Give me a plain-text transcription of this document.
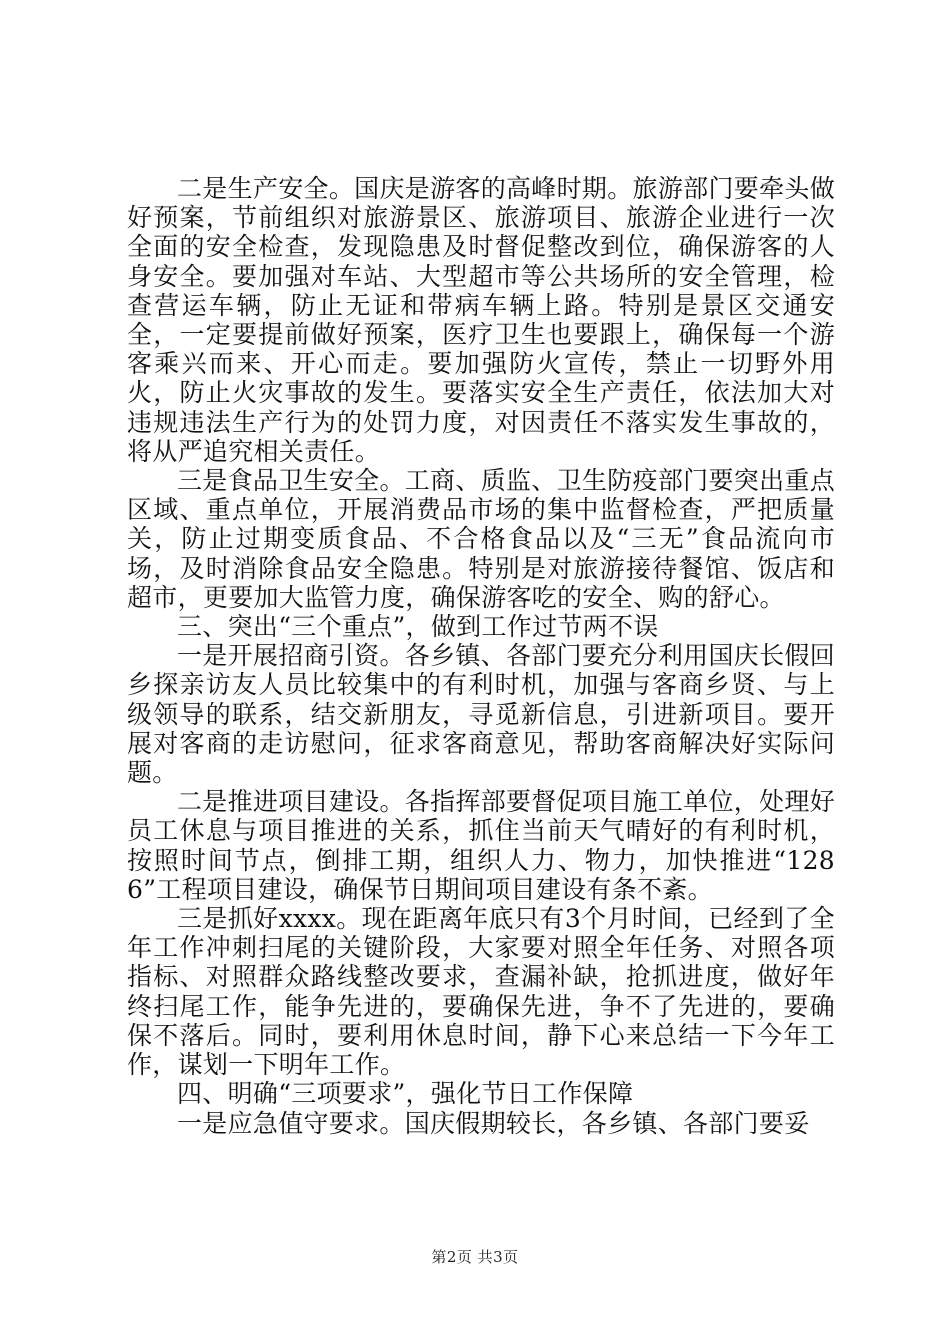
二是生产安全。国庆是游客的高峰时期。旅游部门要牵头做好预案，节前组织对旅游景区、旅游项目、旅游企业进行一次全面的安全检查，发现隐患及时督促整改到位，确保游客的人身安全。要加强对车站、大型超市等公共场所的安全管理，检查营运车辆，防止无证和带病车辆上路。特别是景区交通安全，一定要提前做好预案，医疗卫生也要跟上，确保每一个游客乘兴而来、开心而走。要加强防火宣传，禁止一切野外用火，防止火灾事故的发生。要落实安全生产责任，依法加大对违规违法生产行为的处罚力度，对因责任不落实发生事故的，将从严追究相关责任。

三是食品卫生安全。工商、质监、卫生防疫部门要突出重点区域、重点单位，开展消费品市场的集中监督检查，严把质量关，防止过期变质食品、不合格食品以及“三无”食品流向市场，及时消除食品安全隐患。特别是对旅游接待餐馆、饭店和超市，更要加大监管力度，确保游客吃的安全、购的舒心。

三、突出“三个重点”，做到工作过节两不误

一是开展招商引资。各乡镇、各部门要充分利用国庆长假回乡探亲访友人员比较集中的有利时机，加强与客商乡贤、与上级领导的联系，结交新朋友，寻觅新信息，引进新项目。要开展对客商的走访慰问，征求客商意见，帮助客商解决好实际问题。

二是推进项目建设。各指挥部要督促项目施工单位，处理好员工休息与项目推进的关系，抓住当前天气晴好的有利时机，按照时间节点，倒排工期，组织人力、物力，加快推进“1286”工程项目建设，确保节日期间项目建设有条不紊。

三是抓好xxxx。现在距离年底只有3个月时间，已经到了全年工作冲刺扫尾的关键阶段，大家要对照全年任务、对照各项指标、对照群众路线整改要求，查漏补缺，抢抓进度，做好年终扫尾工作，能争先进的，要确保先进，争不了先进的，要确保不落后。同时，要利用休息时间，静下心来总结一下今年工作，谋划一下明年工作。

四、明确“三项要求”，强化节日工作保障

一是应急值守要求。国庆假期较长，各乡镇、各部门要妥

第2页 共3页
